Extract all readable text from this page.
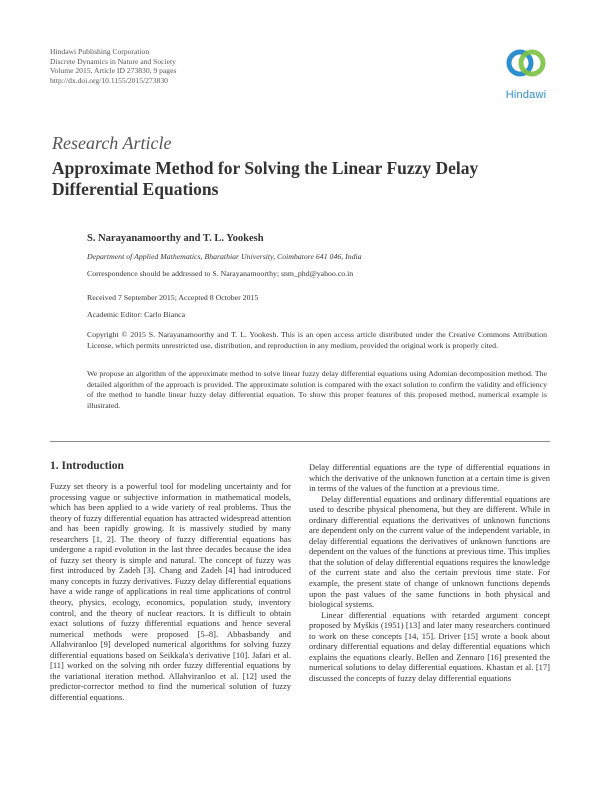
Hindawi Publishing Corporation
Discrete Dynamics in Nature and Society
Volume 2015, Article ID 273830, 9 pages
http://dx.doi.org/10.1155/2015/273830
Hindawi
Research Article
Approximate Method for Solving the Linear Fuzzy Delay Differential Equations
S. Narayanamoorthy and T. L. Yookesh
Department of Applied Mathematics, Bharathiar University, Coimbatore 641 046, India
Correspondence should be addressed to S. Narayanamoorthy; snm_phd@yahoo.co.in
Received 7 September 2015; Accepted 8 October 2015
Academic Editor: Carlo Bianca
Copyright © 2015 S. Narayanamoorthy and T. L. Yookesh. This is an open access article distributed under the Creative Commons Attribution License, which permits unrestricted use, distribution, and reproduction in any medium, provided the original work is properly cited.
We propose an algorithm of the approximate method to solve linear fuzzy delay differential equations using Adomian decomposition method. The detailed algorithm of the approach is provided. The approximate solution is compared with the exact solution to confirm the validity and efficiency of the method to handle linear fuzzy delay differential equation. To show this proper features of this proposed method, numerical example is illustrated.
1. Introduction

Fuzzy set theory is a powerful tool for modeling uncertainty and for processing vague or subjective information in mathematical models, which has been applied to a wide variety of real problems. Thus the theory of fuzzy differential equation has attracted widespread attention and has been rapidly growing. It is massively studied by many researchers [1, 2]. The theory of fuzzy differential equations has undergone a rapid evolution in the last three decades because the idea of fuzzy set theory is simple and natural. The concept of fuzzy was first introduced by Zadeh [3]. Chang and Zadeh [4] had introduced many concepts in fuzzy derivatives. Fuzzy delay differential equations have a wide range of applications in real time applications of control theory, physics, ecology, economics, population study, inventory control, and the theory of nuclear reactors. It is difficult to obtain exact solutions of fuzzy differential equations and hence several numerical methods were proposed [5–8]. Abbasbandy and Allahviranloo [9] developed numerical algorithms for solving fuzzy differential equations based on Seikkala's derivative [10]. Jafari et al. [11] worked on the solving nth order fuzzy differential equations by the variational iteration method. Allahviranloo et al. [12] used the predictor-corrector method to find the numerical solution of fuzzy differential equations.

Delay differential equations are the type of differential equations in which the derivative of the unknown function at a certain time is given in terms of the values of the function at a previous time.

Delay differential equations and ordinary differential equations are used to describe physical phenomena, but they are different. While in ordinary differential equations the derivatives of unknown functions are dependent only on the current value of the independent variable, in delay differential equations the derivatives of unknown functions are dependent on the values of the functions at previous time. This implies that the solution of delay differential equations requires the knowledge of the current state and also the certain previous time state. For example, the present state of change of unknown functions depends upon the past values of the same functions in both physical and biological systems.

Linear differential equations with retarded argument concept proposed by Myškis (1951) [13] and later many researchers continued to work on these concepts [14, 15]. Driver [15] wrote a book about ordinary differential equations and delay differential equations which explains the equations clearly. Bellen and Zennaro [16] presented the numerical solutions to delay differential equations. Khastan et al. [17] discussed the concepts of fuzzy delay differential equations
